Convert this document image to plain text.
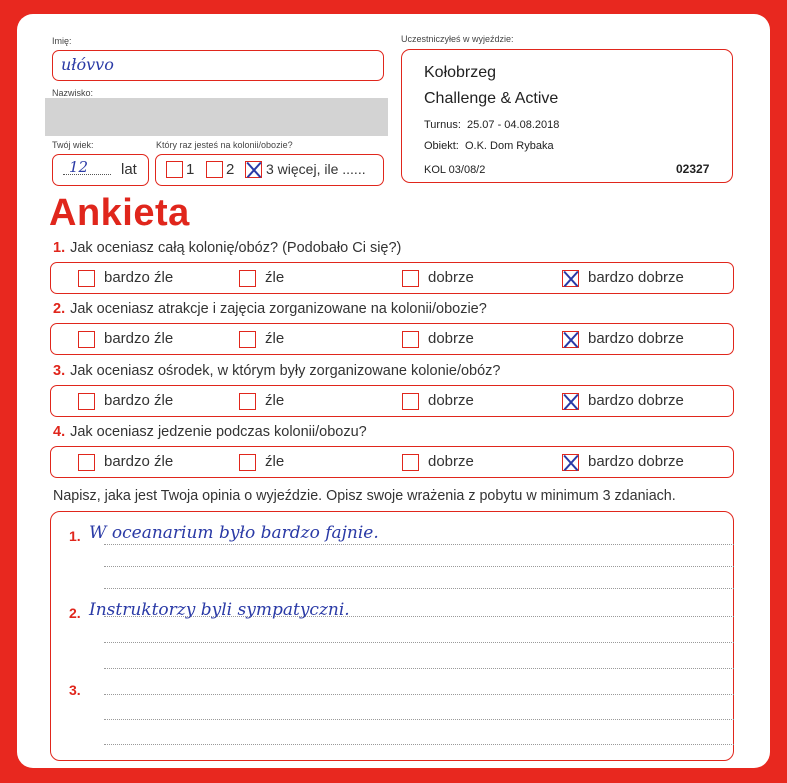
Imię:
ułóvvo
Nazwisko:
Twój wiek:
12 lat
Który raz jesteś na kolonii/obozie?
1 2 3 więcej, ile ......
Uczestniczyłeś w wyjeździe:
Kołobrzeg
Challenge & Active
Turnus:  25.07 - 04.08.2018
Obiekt:  O.K. Dom Rybaka
KOL 03/08/2	02327
Ankieta
1. Jak oceniasz całą kolonię/obóz? (Podobało Ci się?)
bardzo źle	źle	dobrze	bardzo dobrze
2. Jak oceniasz atrakcje i zajęcia zorganizowane na kolonii/obozie?
bardzo źle	źle	dobrze	bardzo dobrze
3. Jak oceniasz ośrodek, w którym były zorganizowane kolonie/obóz?
bardzo źle	źle	dobrze	bardzo dobrze
4. Jak oceniasz jedzenie podczas kolonii/obozu?
bardzo źle	źle	dobrze	bardzo dobrze
Napisz, jaka jest Twoja opinia o wyjeździe. Opisz swoje wrażenia z pobytu w minimum 3 zdaniach.
1. W oceanarium było bardzo fajnie.
2. Instruktorzy byli sympatyczni.
3.
